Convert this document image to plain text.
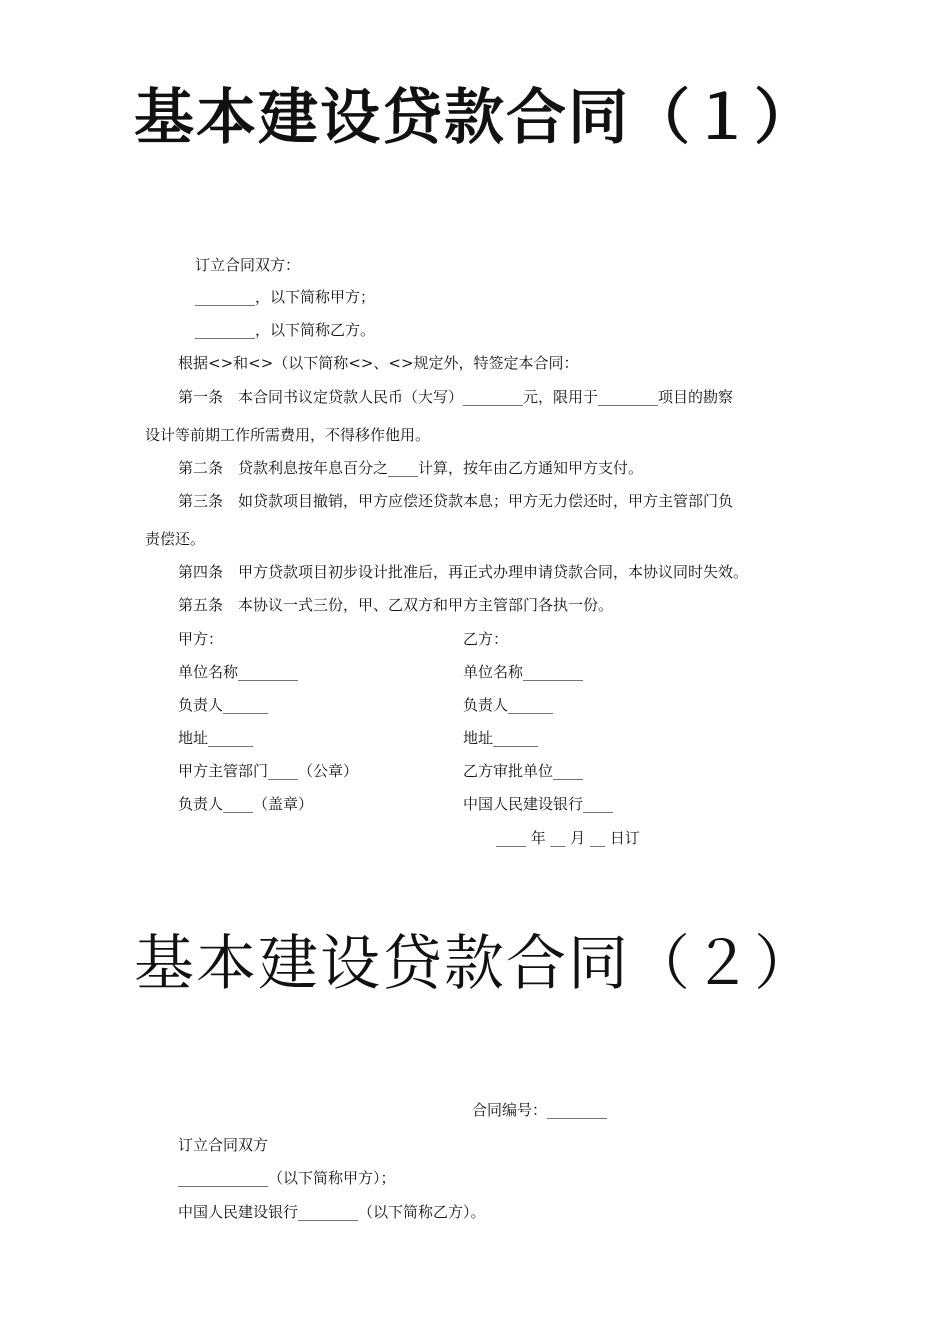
基本建设贷款合同（１）
订立合同双方：
________，以下简称甲方；
________，以下简称乙方。
根据<>和<>（以下简称<>、<>规定外，特签定本合同：
第一条　本合同书议定贷款人民币（大写）________元，限用于________项目的勘察
设计等前期工作所需费用，不得移作他用。
第二条　贷款利息按年息百分之____计算，按年由乙方通知甲方支付。
第三条　如贷款项目撤销，甲方应偿还贷款本息；甲方无力偿还时，甲方主管部门负
责偿还。
第四条　甲方贷款项目初步设计批准后，再正式办理申请贷款合同，本协议同时失效。
第五条　本协议一式三份，甲、乙双方和甲方主管部门各执一份。
甲方：
单位名称________
负责人______
地址______
甲方主管部门____（公章）
负责人____（盖章）
乙方：
单位名称________
负责人______
地址______
乙方审批单位____
中国人民建设银行____
____ 年 __ 月 __ 日订
基本建设贷款合同（２）
合同编号：________
订立合同双方
____________（以下简称甲方）；
中国人民建设银行________（以下简称乙方）。
